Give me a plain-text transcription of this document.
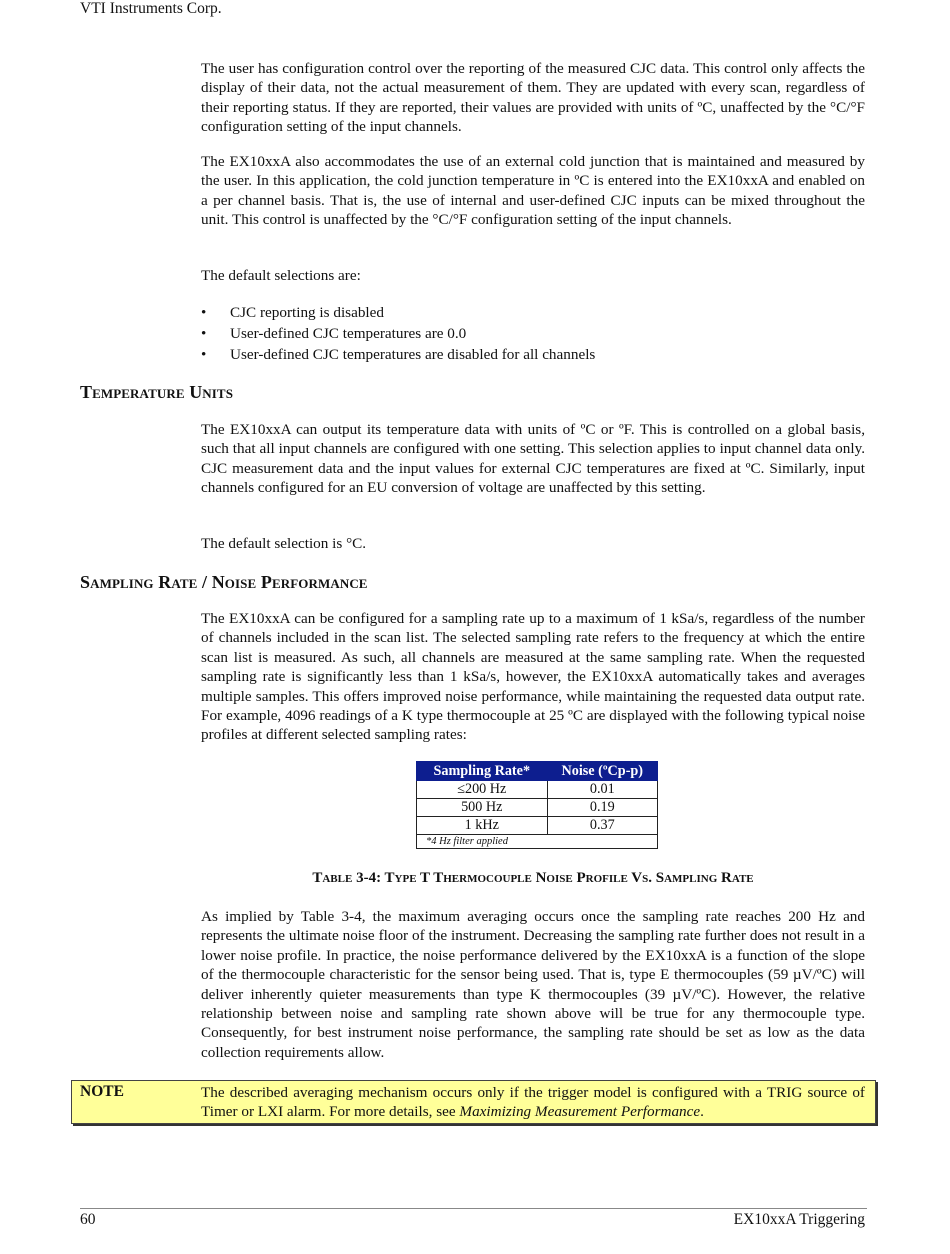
VTI Instruments Corp.

The user has configuration control over the reporting of the measured CJC data. This control only affects the display of their data, not the actual measurement of them. They are updated with every scan, regardless of their reporting status. If they are reported, their values are provided with units of ºC, unaffected by the °C/°F configuration setting of the input channels.

The EX10xxA also accommodates the use of an external cold junction that is maintained and measured by the user. In this application, the cold junction temperature in ºC is entered into the EX10xxA and enabled on a per channel basis. That is, the use of internal and user-defined CJC inputs can be mixed throughout the unit. This control is unaffected by the °C/°F configuration setting of the input channels.

The default selections are:

• CJC reporting is disabled
• User-defined CJC temperatures are 0.0
• User-defined CJC temperatures are disabled for all channels
Temperature Units

The EX10xxA can output its temperature data with units of ºC or ºF. This is controlled on a global basis, such that all input channels are configured with one setting. This selection applies to input channel data only. CJC measurement data and the input values for external CJC temperatures are fixed at ºC. Similarly, input channels configured for an EU conversion of voltage are unaffected by this setting.

The default selection is °C.

Sampling Rate / Noise Performance

The EX10xxA can be configured for a sampling rate up to a maximum of 1 kSa/s, regardless of the number of channels included in the scan list. The selected sampling rate refers to the frequency at which the entire scan list is measured. As such, all channels are measured at the same sampling rate. When the requested sampling rate is significantly less than 1 kSa/s, however, the EX10xxA automatically takes and averages multiple samples. This offers improved noise performance, while maintaining the requested data output rate. For example, 4096 readings of a K type thermocouple at 25 ºC are displayed with the following typical noise profiles at different selected sampling rates:

Sampling Rate*	Noise (ºCp-p)
≤200 Hz	0.01
500 Hz	0.19
1 kHz	0.37
*4 Hz filter applied	
Table 3-4: Type T Thermocouple Noise Profile Vs. Sampling Rate

As implied by Table 3-4, the maximum averaging occurs once the sampling rate reaches 200 Hz and represents the ultimate noise floor of the instrument. Decreasing the sampling rate further does not result in a lower noise profile. In practice, the noise performance delivered by the EX10xxA is a function of the slope of the thermocouple characteristic for the sensor being used. That is, type E thermocouples (59 µV/ºC) will deliver inherently quieter measurements than type K thermocouples (39 µV/ºC). However, the relative relationship between noise and sampling rate shown above will be true for any thermocouple type. Consequently, for best instrument noise performance, the sampling rate should be set as low as the data collection requirements allow.

NOTE	The described averaging mechanism occurs only if the trigger model is configured with a TRIG source of Timer or LXI alarm. For more details, see Maximizing Measurement Performance.
60	EX10xxA Triggering
